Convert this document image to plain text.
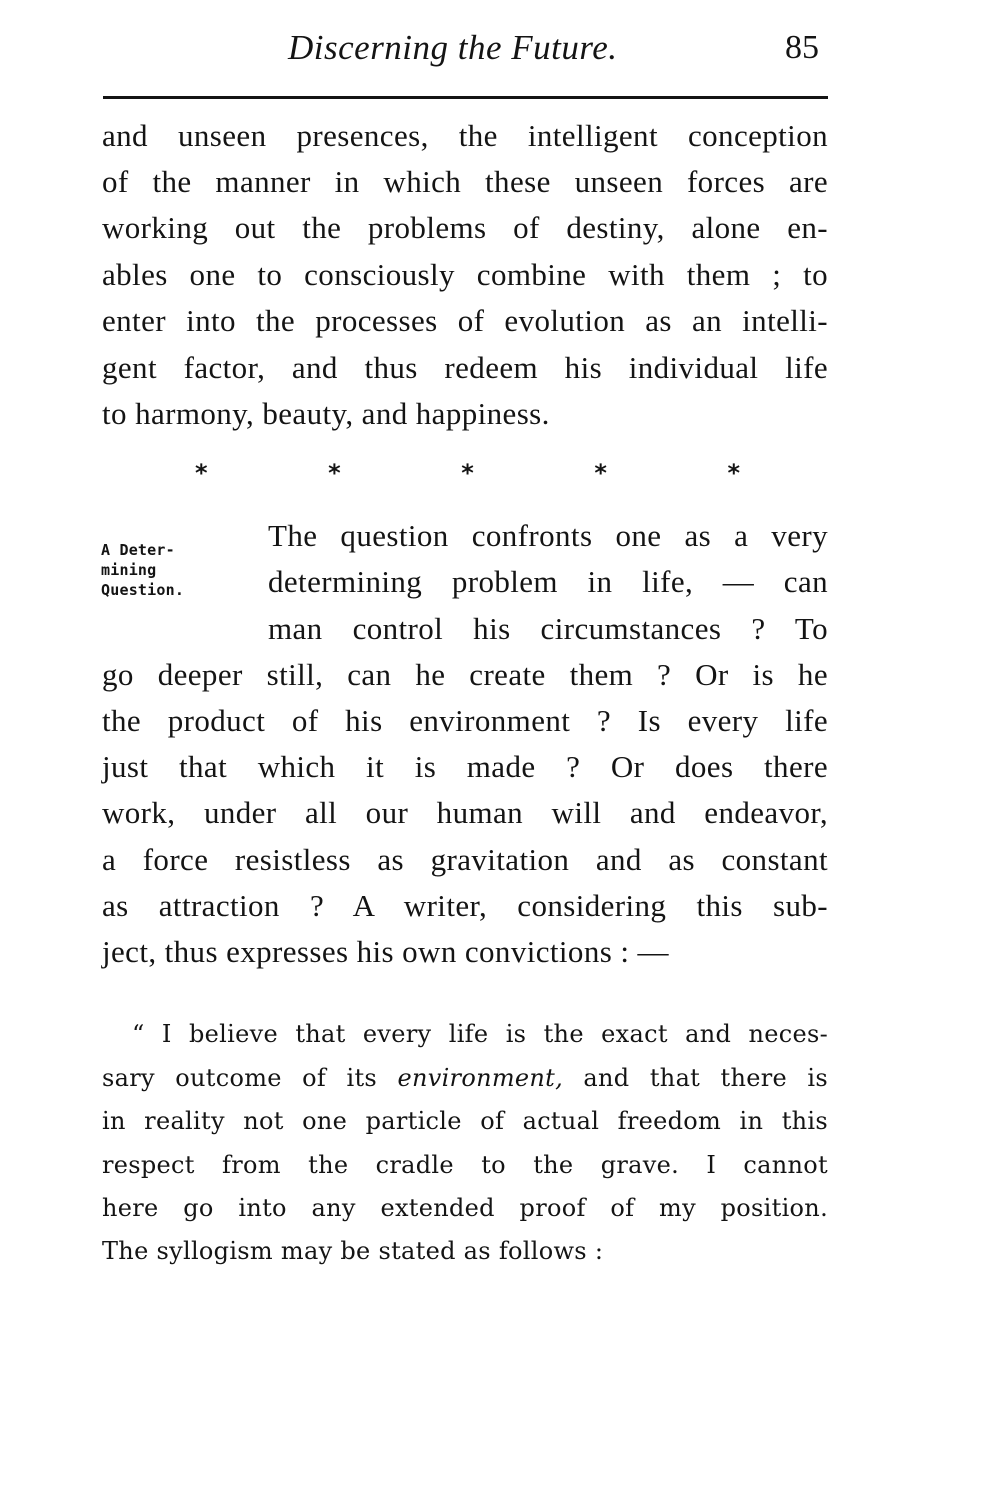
Discerning the Future.	85
and unseen presences, the intelligent conception
of the manner in which these unseen forces are
working out the problems of destiny, alone en-
ables one to consciously combine with them ; to
enter into the processes of evolution as an intelli-
gent factor, and thus redeem his individual life
to harmony, beauty, and happiness.
*	*	*	*	*
A Deter-
mining
Question.
The question confronts one as a very
determining problem in life, — can
man control his circumstances ? To
go deeper still, can he create them ? Or is he
the product of his environment ? Is every life
just that which it is made ? Or does there
work, under all our human will and endeavor,
a force resistless as gravitation and as constant
as attraction ? A writer, considering this sub-
ject, thus expresses his own convictions : —
“ I believe that every life is the exact and neces-
sary outcome of its environment, and that there is
in reality not one particle of actual freedom in this
respect from the cradle to the grave. I cannot
here go into any extended proof of my position.
The syllogism may be stated as follows :
